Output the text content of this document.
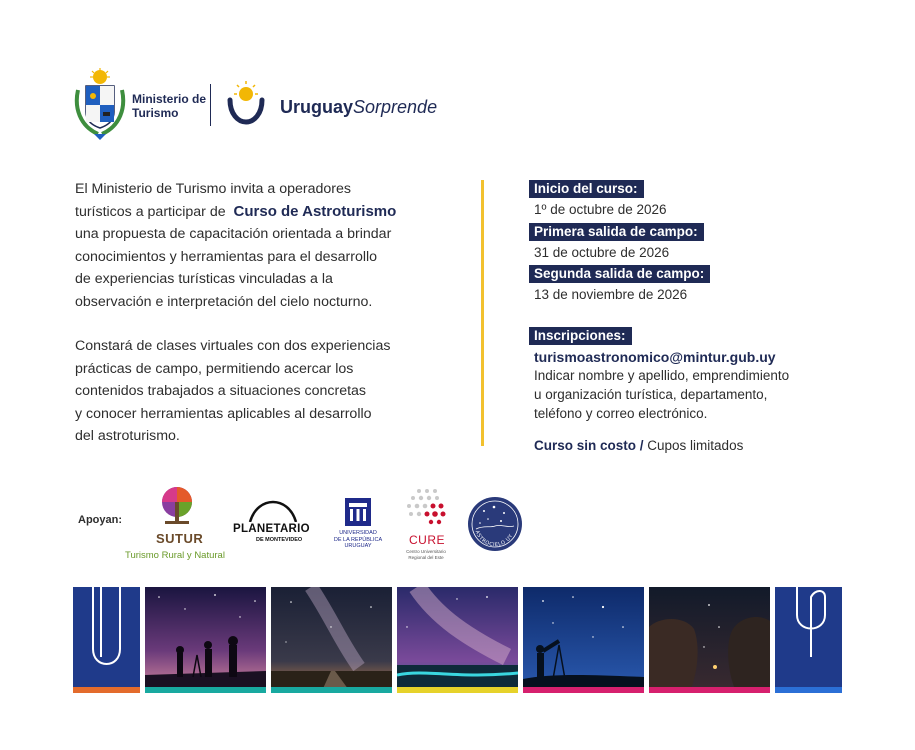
Ministerio de Turismo	UruguaySorprende
El Ministerio de Turismo invita a operadores
turísticos a participar de Curso de Astroturismo
una propuesta de capacitación orientada a brindar
conocimientos y herramientas para el desarrollo
de experiencias turísticas vinculadas a la
observación e interpretación del cielo nocturno.
Constará de clases virtuales con dos experiencias
prácticas de campo, permitiendo acercar los
contenidos trabajados a situaciones concretas
y conocer herramientas aplicables al desarrollo
del astroturismo.
Inicio del curso:
1º de octubre de 2026
Primera salida de campo:
31 de octubre de 2026
Segunda salida de campo:
13 de noviembre de 2026
Inscripciones:
turismoastronomico@mintur.gub.uy
Indicar nombre y apellido, emprendimiento
u organización turística, departamento,
teléfono y correo electrónico.
Curso sin costo / Cupos limitados
Apoyan:
SUTUR
Turismo Rural y Natural
PLANETARIO
DE MONTEVIDEO
UNIVERSIDAD
DE LA REPÚBLICA
URUGUAY	CURE
Centro Universitario
Regional del Este
ASTROCIELO UY
